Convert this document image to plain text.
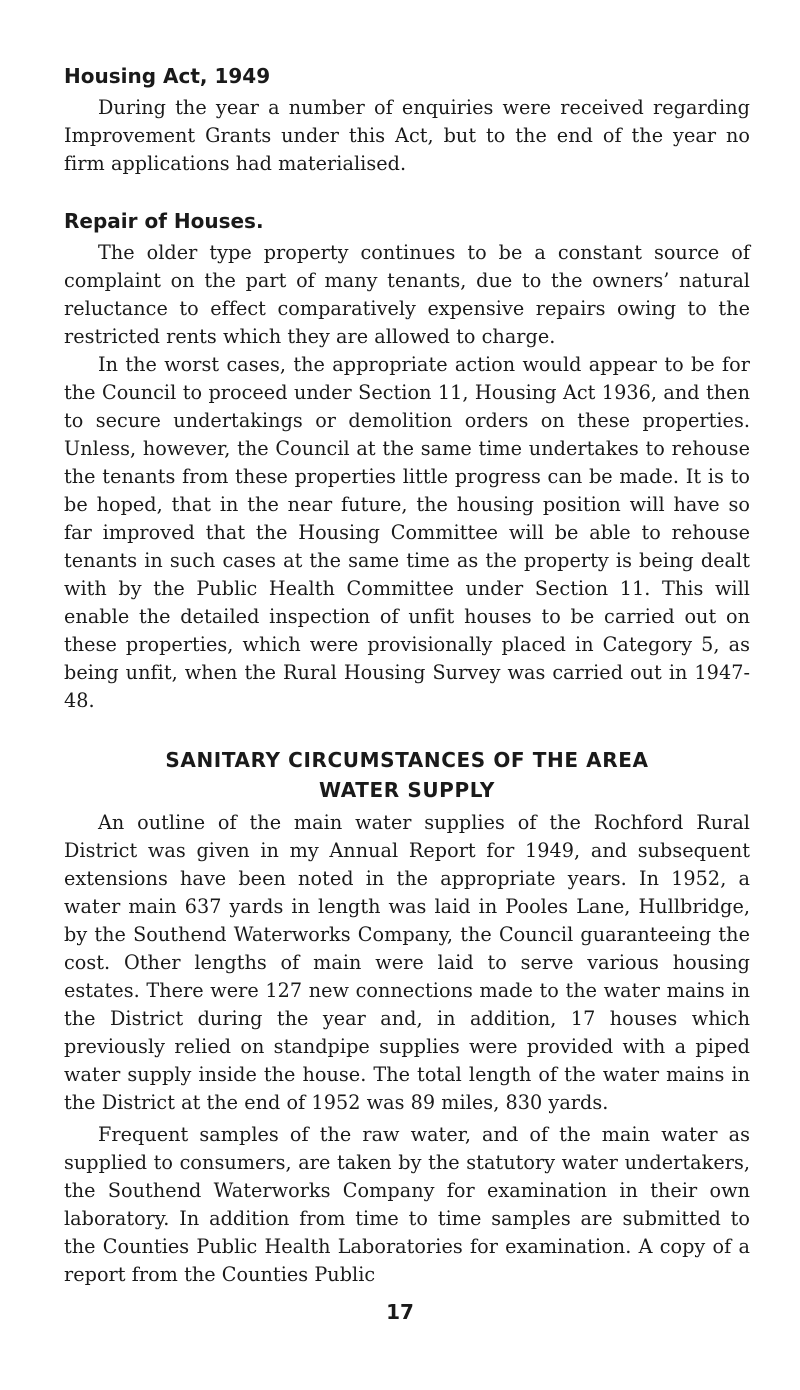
Housing Act, 1949

During the year a number of enquiries were received regarding Improvement Grants under this Act, but to the end of the year no firm applications had materialised.

Repair of Houses.

The older type property continues to be a constant source of complaint on the part of many tenants, due to the owners’ natural reluctance to effect comparatively expensive repairs owing to the restricted rents which they are allowed to charge.

In the worst cases, the appropriate action would appear to be for the Council to proceed under Section 11, Housing Act 1936, and then to secure undertakings or demolition orders on these properties. Unless, however, the Council at the same time undertakes to rehouse the tenants from these properties little progress can be made. It is to be hoped, that in the near future, the housing position will have so far improved that the Housing Committee will be able to rehouse tenants in such cases at the same time as the property is being dealt with by the Public Health Committee under Section 11. This will enable the detailed inspection of unfit houses to be carried out on these properties, which were provisionally placed in Category 5, as being unfit, when the Rural Housing Survey was carried out in 1947-48.

SANITARY CIRCUMSTANCES OF THE AREA
WATER SUPPLY

An outline of the main water supplies of the Rochford Rural District was given in my Annual Report for 1949, and subsequent extensions have been noted in the appropriate years. In 1952, a water main 637 yards in length was laid in Pooles Lane, Hullbridge, by the Southend Waterworks Company, the Council guaranteeing the cost. Other lengths of main were laid to serve various housing estates. There were 127 new connections made to the water mains in the District during the year and, in addition, 17 houses which previously relied on standpipe supplies were provided with a piped water supply inside the house. The total length of the water mains in the District at the end of 1952 was 89 miles, 830 yards.

Frequent samples of the raw water, and of the main water as supplied to consumers, are taken by the statutory water undertakers, the Southend Waterworks Company for examination in their own laboratory. In addition from time to time samples are submitted to the Counties Public Health Laboratories for examination. A copy of a report from the Counties Public

17
